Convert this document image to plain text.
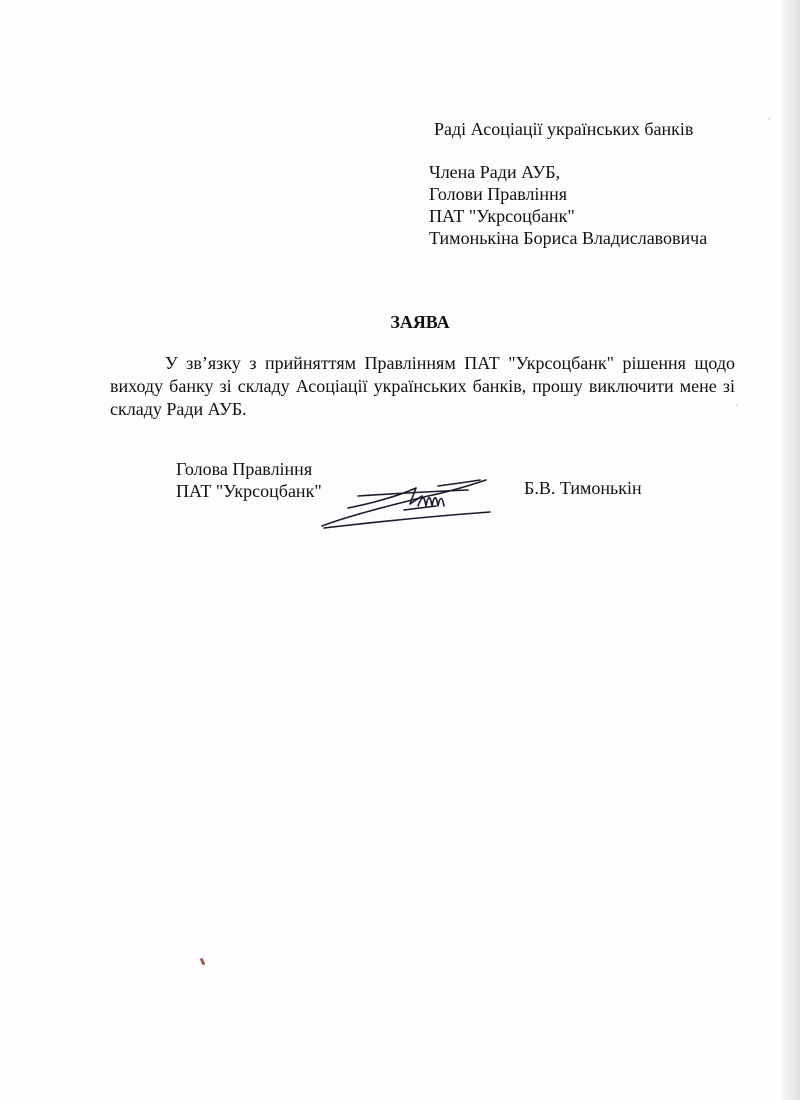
Раді Асоціації українських банків
Члена Ради АУБ,
Голови Правління
ПАТ "Укрсоцбанк"
Тимонькіна Бориса Владиславовича
ЗАЯВА

У зв’язку з прийняттям Правлінням ПАТ "Укрсоцбанк" рішення щодо виходу банку зі складу Асоціації українських банків, прошу виключити мене зі складу Ради АУБ.

Голова Правління
ПАТ "Укрсоцбанк"	Б.В. Тимонькін
